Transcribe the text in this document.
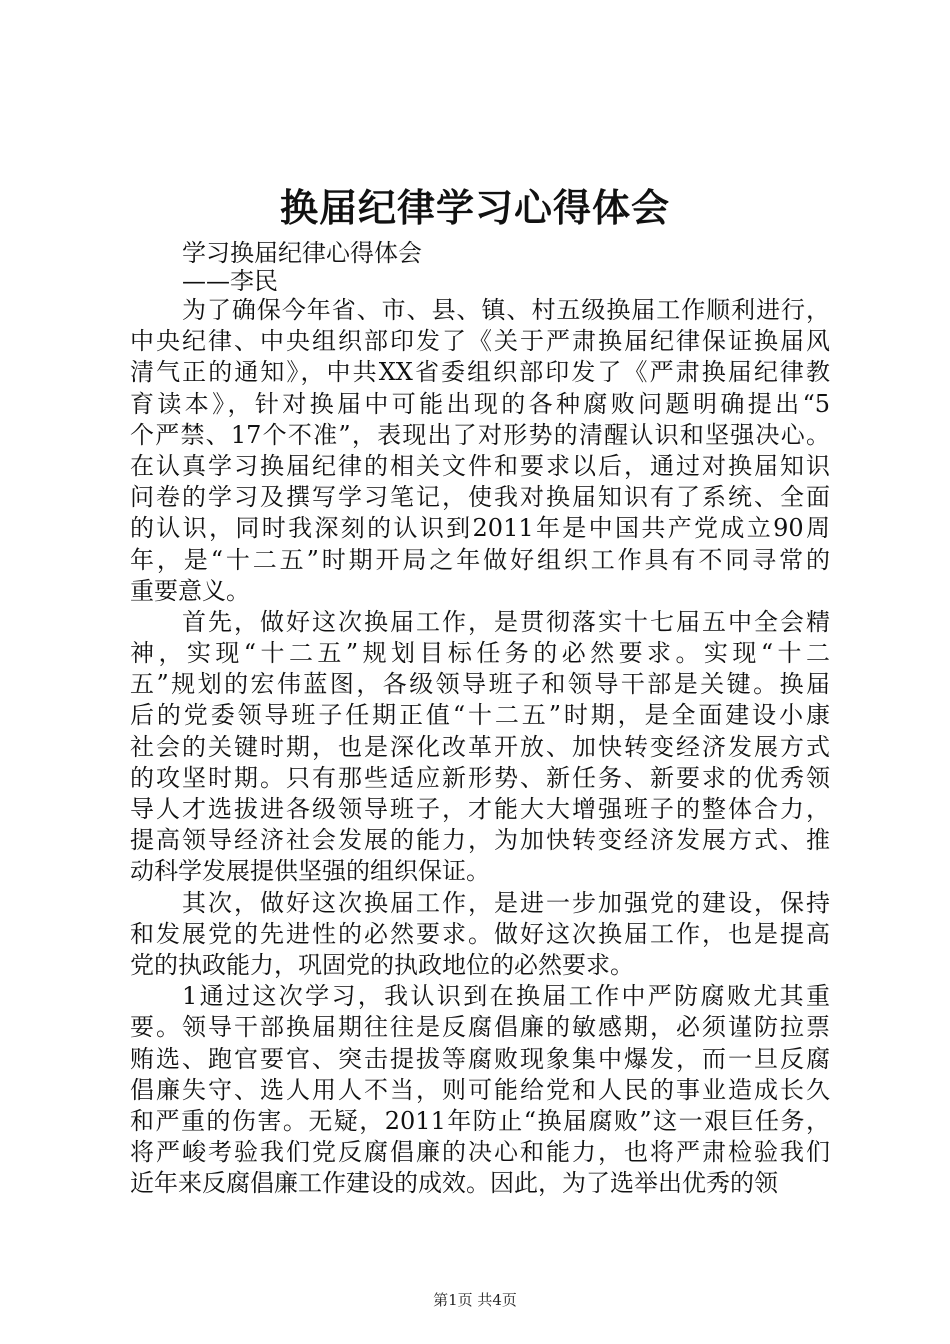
换届纪律学习心得体会
学习换届纪律心得体会
——李民
为了确保今年省、市、县、镇、村五级换届工作顺利进行，
中央纪律、中央组织部印发了《关于严肃换届纪律保证换届风
清气正的通知》，中共XX省委组织部印发了《严肃换届纪律教
育读本》，针对换届中可能出现的各种腐败问题明确提出“5
个严禁、17个不准”，表现出了对形势的清醒认识和坚强决心。
在认真学习换届纪律的相关文件和要求以后，通过对换届知识
问卷的学习及撰写学习笔记，使我对换届知识有了系统、全面
的认识，同时我深刻的认识到2011年是中国共产党成立90周
年，是“十二五”时期开局之年做好组织工作具有不同寻常的
重要意义。
首先，做好这次换届工作，是贯彻落实十七届五中全会精
神，实现“十二五”规划目标任务的必然要求。实现“十二
五”规划的宏伟蓝图，各级领导班子和领导干部是关键。换届
后的党委领导班子任期正值“十二五”时期，是全面建设小康
社会的关键时期，也是深化改革开放、加快转变经济发展方式
的攻坚时期。只有那些适应新形势、新任务、新要求的优秀领
导人才选拔进各级领导班子，才能大大增强班子的整体合力，
提高领导经济社会发展的能力，为加快转变经济发展方式、推
动科学发展提供坚强的组织保证。
其次，做好这次换届工作，是进一步加强党的建设，保持
和发展党的先进性的必然要求。做好这次换届工作，也是提高
党的执政能力，巩固党的执政地位的必然要求。
1通过这次学习，我认识到在换届工作中严防腐败尤其重
要。领导干部换届期往往是反腐倡廉的敏感期，必须谨防拉票
贿选、跑官要官、突击提拔等腐败现象集中爆发，而一旦反腐
倡廉失守、选人用人不当，则可能给党和人民的事业造成长久
和严重的伤害。无疑，2011年防止“换届腐败”这一艰巨任务，
将严峻考验我们党反腐倡廉的决心和能力，也将严肃检验我们
近年来反腐倡廉工作建设的成效。因此，为了选举出优秀的领
第1页 共4页
